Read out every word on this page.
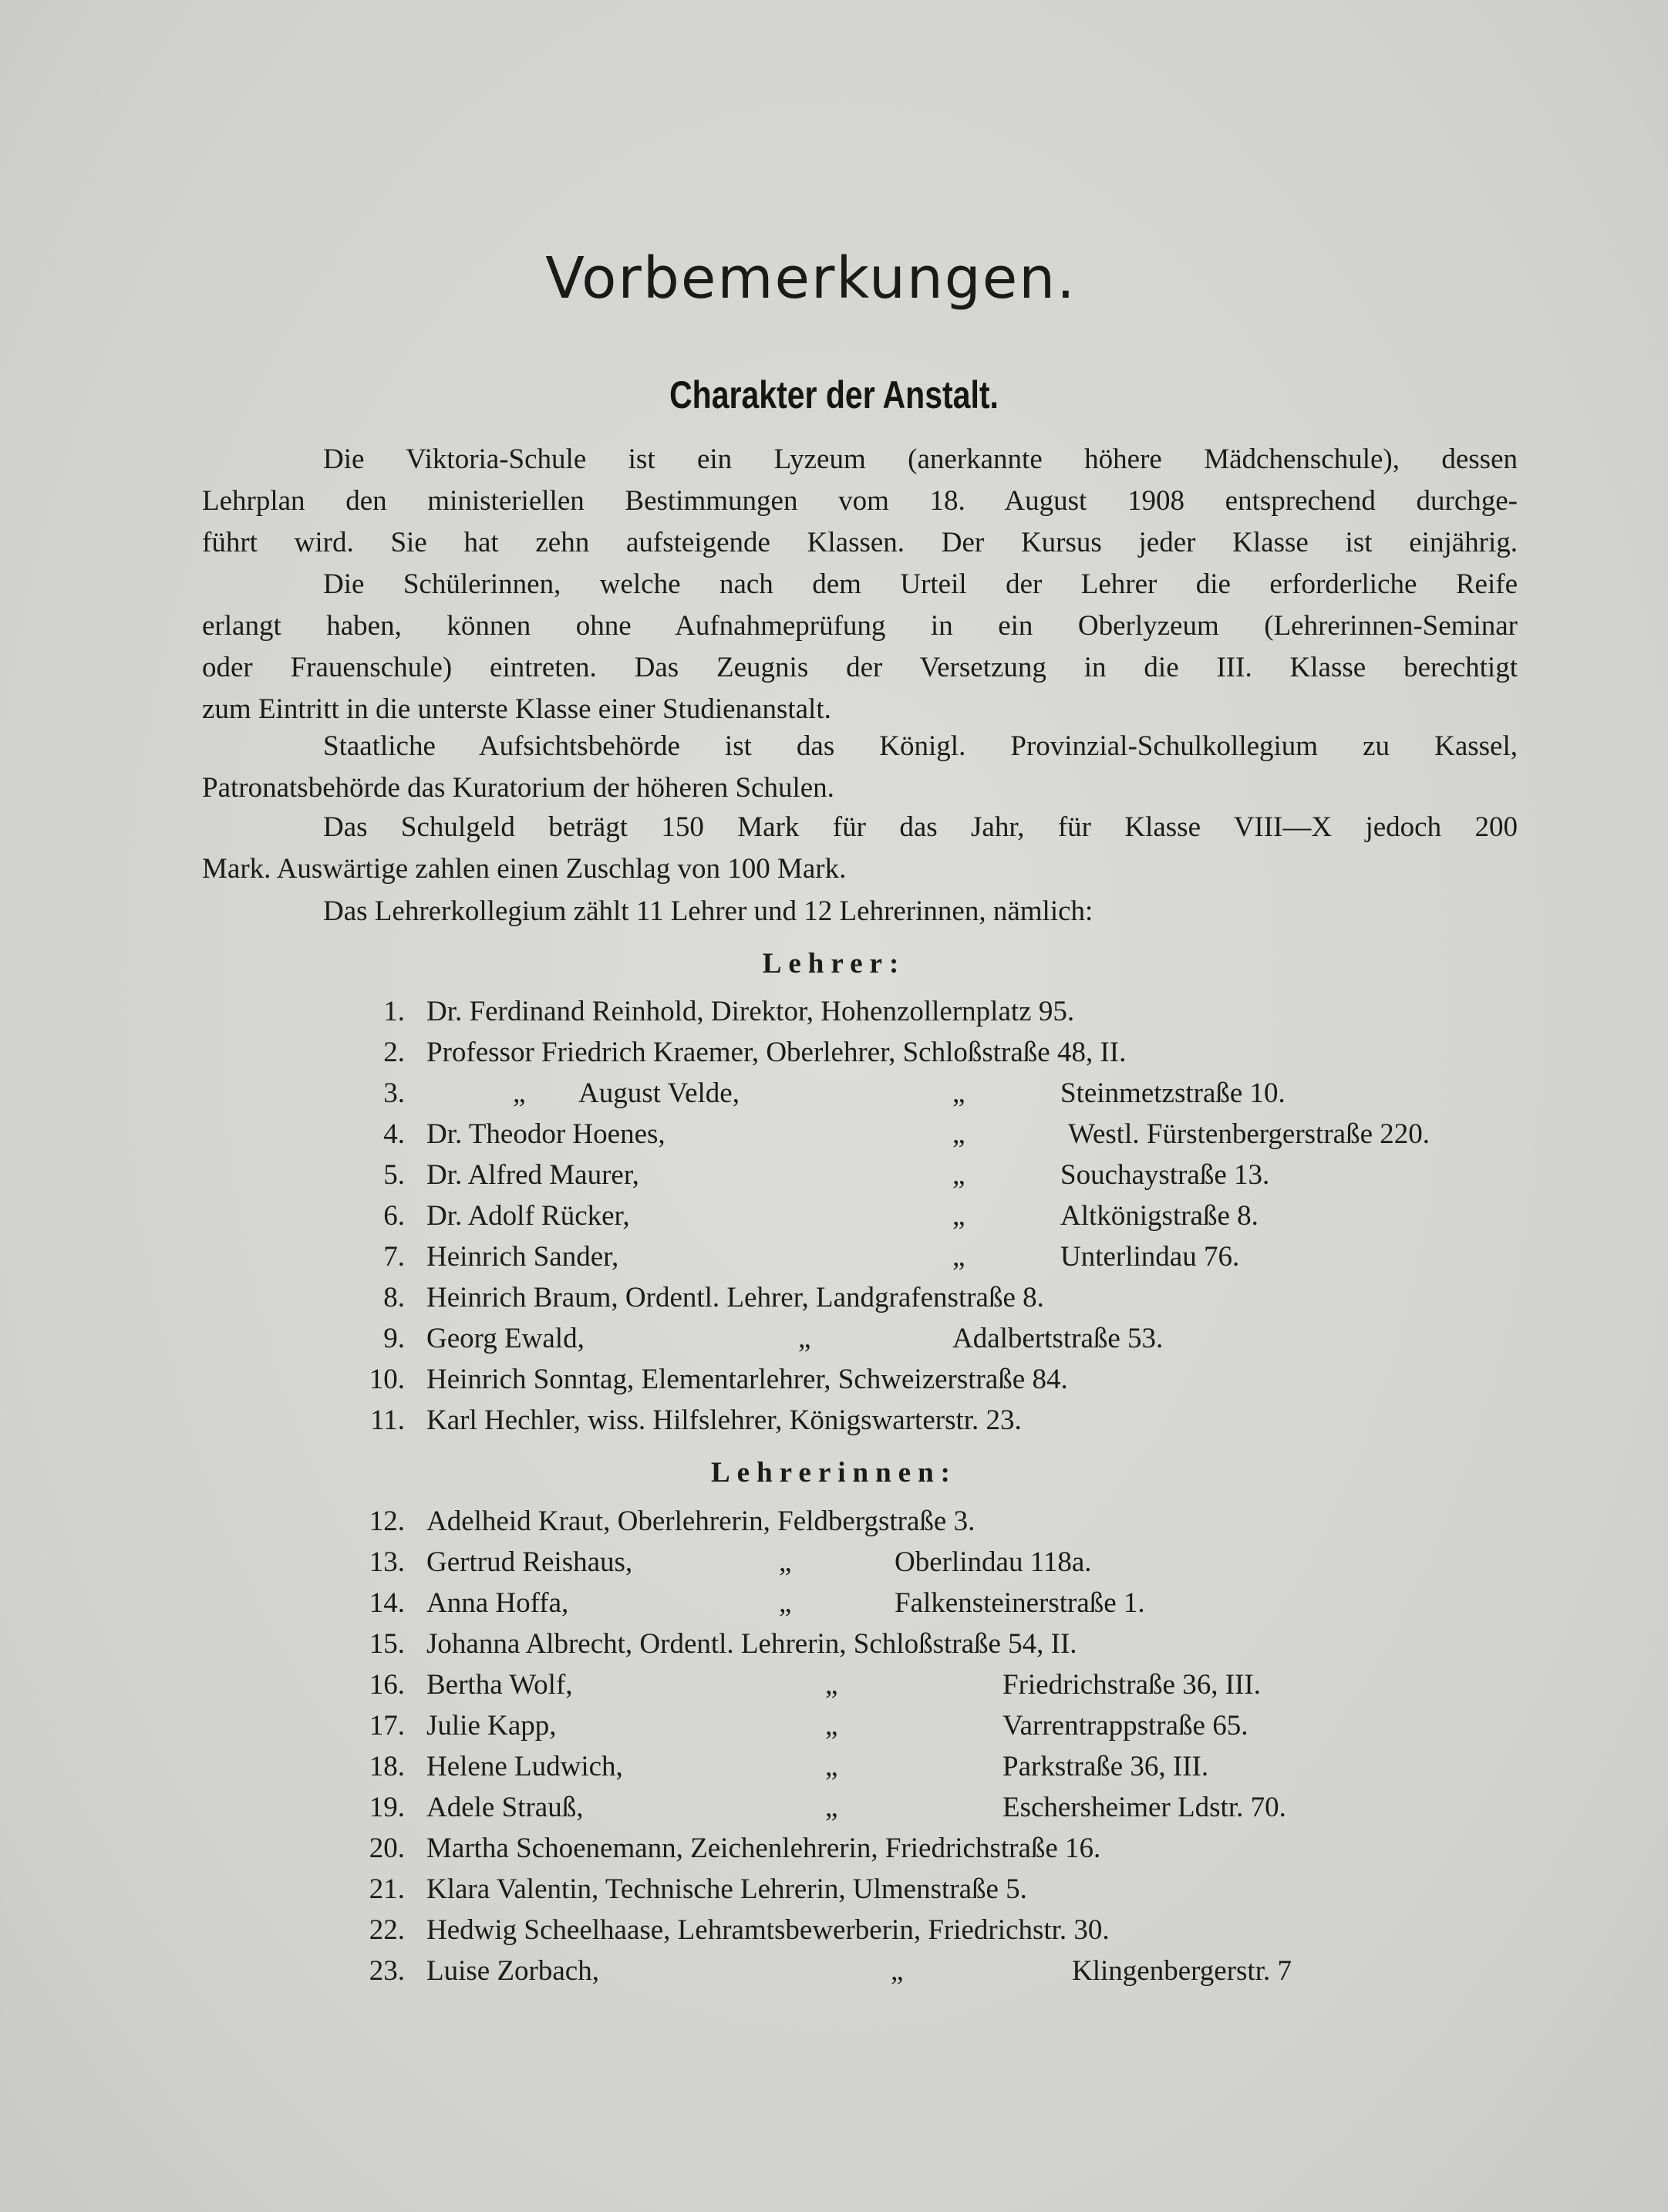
Vorbemerkungen.
Charakter der Anstalt.
Die Viktoria-Schule ist ein Lyzeum (anerkannte höhere Mädchenschule), dessen
Lehrplan den ministeriellen Bestimmungen vom 18. August 1908 entsprechend durchge-
führt wird. Sie hat zehn aufsteigende Klassen. Der Kursus jeder Klasse ist einjährig.
Die Schülerinnen, welche nach dem Urteil der Lehrer die erforderliche Reife
erlangt haben, können ohne Aufnahmeprüfung in ein Oberlyzeum (Lehrerinnen-Seminar
oder Frauenschule) eintreten. Das Zeugnis der Versetzung in die III. Klasse berechtigt
zum Eintritt in die unterste Klasse einer Studienanstalt.
Staatliche Aufsichtsbehörde ist das Königl. Provinzial-Schulkollegium zu Kassel,
Patronatsbehörde das Kuratorium der höheren Schulen.
Das Schulgeld beträgt 150 Mark für das Jahr, für Klasse VIII—X jedoch 200
Mark. Auswärtige zahlen einen Zuschlag von 100 Mark.
Das Lehrerkollegium zählt 11 Lehrer und 12 Lehrerinnen, nämlich:
Lehrer:
1. Dr. Ferdinand Reinhold, Direktor, Hohenzollernplatz 95.
2. Professor Friedrich Kraemer, Oberlehrer, Schloßstraße 48, II.
3.	„ August Velde,	„	Steinmetzstraße 10.
4. Dr. Theodor Hoenes,	„	Westl. Fürstenbergerstraße 220.
5. Dr. Alfred Maurer,	„	Souchaystraße 13.
6. Dr. Adolf Rücker,	„	Altkönigstraße 8.
7. Heinrich Sander,	„	Unterlindau 76.
8. Heinrich Braum, Ordentl. Lehrer, Landgrafenstraße 8.
9. Georg Ewald,	„	Adalbertstraße 53.
10. Heinrich Sonntag, Elementarlehrer, Schweizerstraße 84.
11. Karl Hechler, wiss. Hilfslehrer, Königswarterstr. 23.
Lehrerinnen:
12. Adelheid Kraut, Oberlehrerin, Feldbergstraße 3.
13. Gertrud Reishaus,	„	Oberlindau 118a.
14. Anna Hoffa,	„	Falkensteinerstraße 1.
15. Johanna Albrecht, Ordentl. Lehrerin, Schloßstraße 54, II.
16. Bertha Wolf,	„	Friedrichstraße 36, III.
17. Julie Kapp,	„	Varrentrappstraße 65.
18. Helene Ludwich,	„	Parkstraße 36, III.
19. Adele Strauß,	„	Eschersheimer Ldstr. 70.
20. Martha Schoenemann, Zeichenlehrerin, Friedrichstraße 16.
21. Klara Valentin, Technische Lehrerin, Ulmenstraße 5.
22. Hedwig Scheelhaase, Lehramtsbewerberin, Friedrichstr. 30.
23. Luise Zorbach,	„	Klingenbergerstr. 7
